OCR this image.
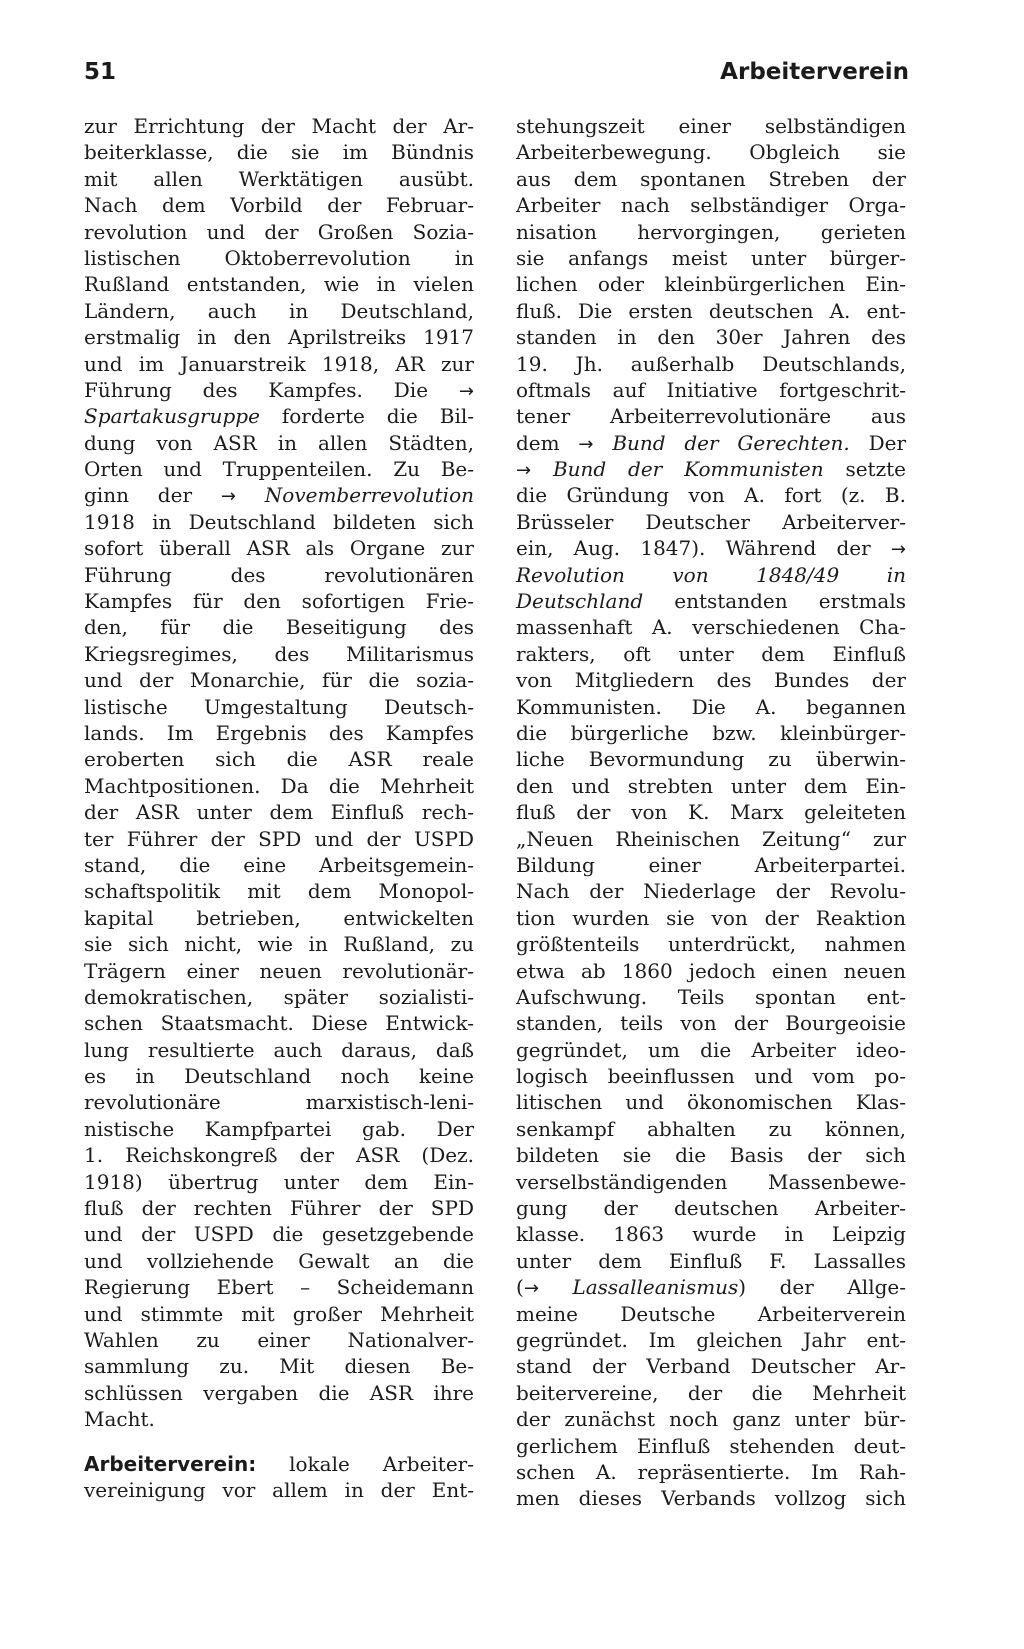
51	Arbeiterverein
zur Errichtung der Macht der Ar-
beiterklasse, die sie im Bündnis
mit allen Werktätigen ausübt.
Nach dem Vorbild der Februar-
revolution und der Großen Sozia-
listischen Oktoberrevolution in
Rußland entstanden, wie in vielen
Ländern, auch in Deutschland,
erstmalig in den Aprilstreiks 1917
und im Januarstreik 1918, AR zur
Führung des Kampfes. Die →
Spartakusgruppe forderte die Bil-
dung von ASR in allen Städten,
Orten und Truppenteilen. Zu Be-
ginn der → Novemberrevolution
1918 in Deutschland bildeten sich
sofort überall ASR als Organe zur
Führung des revolutionären
Kampfes für den sofortigen Frie-
den, für die Beseitigung des
Kriegsregimes, des Militarismus
und der Monarchie, für die sozia-
listische Umgestaltung Deutsch-
lands. Im Ergebnis des Kampfes
eroberten sich die ASR reale
Machtpositionen. Da die Mehrheit
der ASR unter dem Einfluß rech-
ter Führer der SPD und der USPD
stand, die eine Arbeitsgemein-
schaftspolitik mit dem Monopol-
kapital betrieben, entwickelten
sie sich nicht, wie in Rußland, zu
Trägern einer neuen revolutionär-
demokratischen, später sozialisti-
schen Staatsmacht. Diese Entwick-
lung resultierte auch daraus, daß
es in Deutschland noch keine
revolutionäre marxistisch-leni-
nistische Kampfpartei gab. Der
1. Reichskongreß der ASR (Dez.
1918) übertrug unter dem Ein-
fluß der rechten Führer der SPD
und der USPD die gesetzgebende
und vollziehende Gewalt an die
Regierung Ebert – Scheidemann
und stimmte mit großer Mehrheit
Wahlen zu einer Nationalver-
sammlung zu. Mit diesen Be-
schlüssen vergaben die ASR ihre
Macht.
Arbeiterverein: lokale Arbeiter-
vereinigung vor allem in der Ent-
stehungszeit einer selbständigen
Arbeiterbewegung. Obgleich sie
aus dem spontanen Streben der
Arbeiter nach selbständiger Orga-
nisation hervorgingen, gerieten
sie anfangs meist unter bürger-
lichen oder kleinbürgerlichen Ein-
fluß. Die ersten deutschen A. ent-
standen in den 30er Jahren des
19. Jh. außerhalb Deutschlands,
oftmals auf Initiative fortgeschrit-
tener Arbeiterrevolutionäre aus
dem → Bund der Gerechten. Der
→ Bund der Kommunisten setzte
die Gründung von A. fort (z. B.
Brüsseler Deutscher Arbeiterver-
ein, Aug. 1847). Während der →
Revolution von 1848/49 in
Deutschland entstanden erstmals
massenhaft A. verschiedenen Cha-
rakters, oft unter dem Einfluß
von Mitgliedern des Bundes der
Kommunisten. Die A. begannen
die bürgerliche bzw. kleinbürger-
liche Bevormundung zu überwin-
den und strebten unter dem Ein-
fluß der von K. Marx geleiteten
„Neuen Rheinischen Zeitung“ zur
Bildung einer Arbeiterpartei.
Nach der Niederlage der Revolu-
tion wurden sie von der Reaktion
größtenteils unterdrückt, nahmen
etwa ab 1860 jedoch einen neuen
Aufschwung. Teils spontan ent-
standen, teils von der Bourgeoisie
gegründet, um die Arbeiter ideo-
logisch beeinflussen und vom po-
litischen und ökonomischen Klas-
senkampf abhalten zu können,
bildeten sie die Basis der sich
verselbständigenden Massenbewe-
gung der deutschen Arbeiter-
klasse. 1863 wurde in Leipzig
unter dem Einfluß F. Lassalles
(→ Lassalleanismus) der Allge-
meine Deutsche Arbeiterverein
gegründet. Im gleichen Jahr ent-
stand der Verband Deutscher Ar-
beitervereine, der die Mehrheit
der zunächst noch ganz unter bür-
gerlichem Einfluß stehenden deut-
schen A. repräsentierte. Im Rah-
men dieses Verbands vollzog sich
